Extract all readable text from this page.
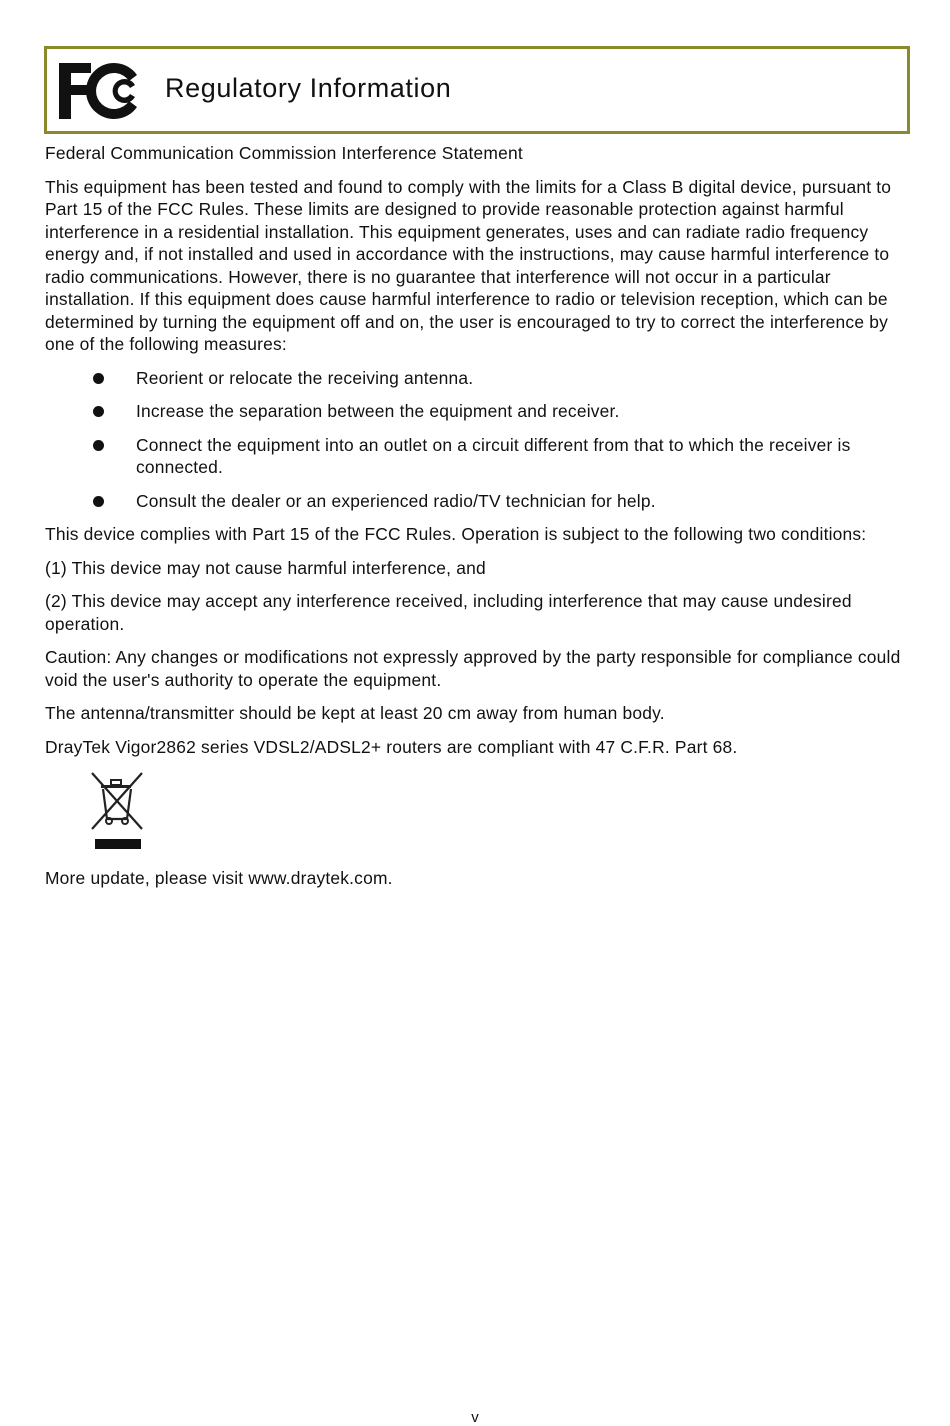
Regulatory Information

Federal Communication Commission Interference Statement

This equipment has been tested and found to comply with the limits for a Class B digital device, pursuant to Part 15 of the FCC Rules. These limits are designed to provide reasonable protection against harmful interference in a residential installation. This equipment generates, uses and can radiate radio frequency energy and, if not installed and used in accordance with the instructions, may cause harmful interference to radio communications. However, there is no guarantee that interference will not occur in a particular installation. If this equipment does cause harmful interference to radio or television reception, which can be determined by turning the equipment off and on, the user is encouraged to try to correct the interference by one of the following measures:

Reorient or relocate the receiving antenna.
Increase the separation between the equipment and receiver.
Connect the equipment into an outlet on a circuit different from that to which the receiver is connected.
Consult the dealer or an experienced radio/TV technician for help.

This device complies with Part 15 of the FCC Rules. Operation is subject to the following two conditions:

(1) This device may not cause harmful interference, and

(2) This device may accept any interference received, including interference that may cause undesired operation.

Caution: Any changes or modifications not expressly approved by the party responsible for compliance could void the user's authority to operate the equipment.

The antenna/transmitter should be kept at least 20 cm away from human body.

DrayTek Vigor2862 series VDSL2/ADSL2+ routers are compliant with 47 C.F.R. Part 68.

More update, please visit www.draytek.com.

v
